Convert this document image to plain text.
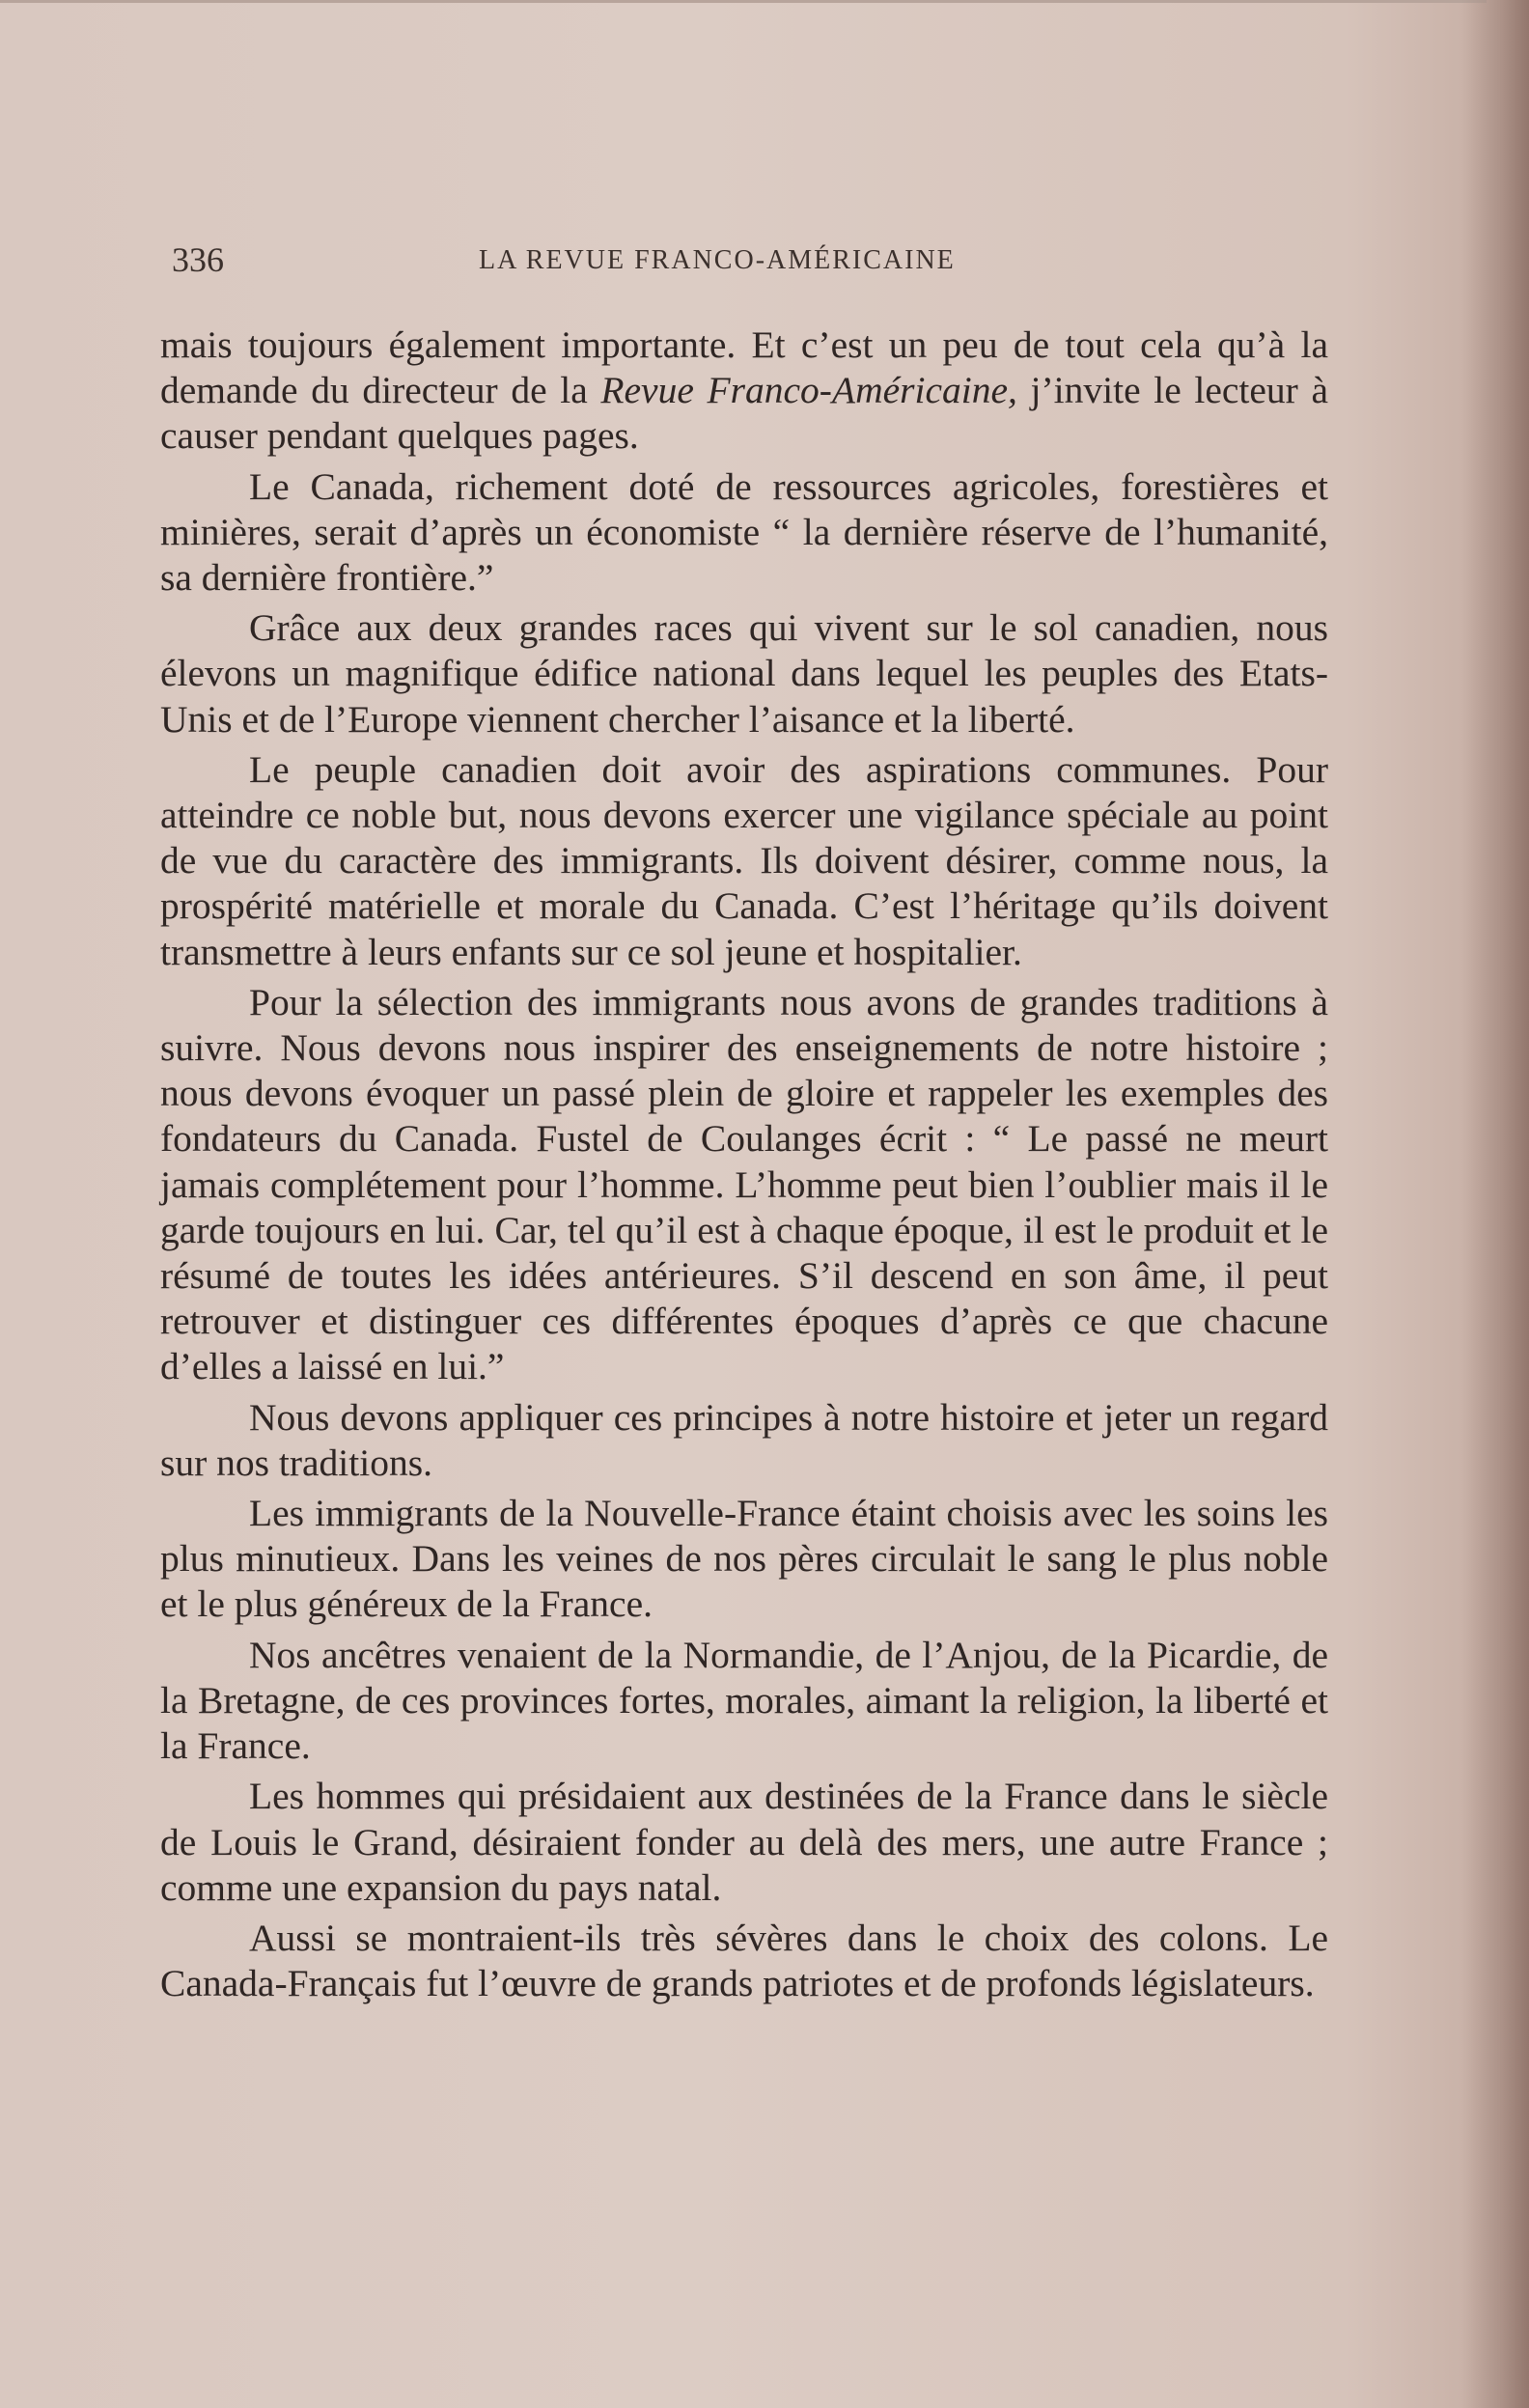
336	LA REVUE FRANCO-AMÉRICAINE

mais toujours également importante. Et c’est un peu de tout cela qu’à la demande du directeur de la Revue Franco-Américaine, j’invite le lecteur à causer pendant quelques pages.

Le Canada, richement doté de ressources agricoles, forestières et minières, serait d’après un économiste “ la dernière réserve de l’humanité, sa dernière frontière.”

Grâce aux deux grandes races qui vivent sur le sol canadien, nous élevons un magnifique édifice national dans lequel les peuples des Etats-Unis et de l’Europe viennent chercher l’aisance et la liberté.

Le peuple canadien doit avoir des aspirations communes. Pour atteindre ce noble but, nous devons exercer une vigilance spéciale au point de vue du caractère des immigrants. Ils doivent désirer, comme nous, la prospérité matérielle et morale du Canada. C’est l’héritage qu’ils doivent transmettre à leurs enfants sur ce sol jeune et hospitalier.

Pour la sélection des immigrants nous avons de grandes traditions à suivre. Nous devons nous inspirer des enseignements de notre histoire ; nous devons évoquer un passé plein de gloire et rappeler les exemples des fondateurs du Canada. Fustel de Coulanges écrit : “ Le passé ne meurt jamais complétement pour l’homme. L’homme peut bien l’oublier mais il le garde toujours en lui. Car, tel qu’il est à chaque époque, il est le produit et le résumé de toutes les idées antérieures. S’il descend en son âme, il peut retrouver et distinguer ces différentes époques d’après ce que chacune d’elles a laissé en lui.”

Nous devons appliquer ces principes à notre histoire et jeter un regard sur nos traditions.

Les immigrants de la Nouvelle-France étaint choisis avec les soins les plus minutieux. Dans les veines de nos pères circulait le sang le plus noble et le plus généreux de la France.

Nos ancêtres venaient de la Normandie, de l’Anjou, de la Picardie, de la Bretagne, de ces provinces fortes, morales, aimant la religion, la liberté et la France.

Les hommes qui présidaient aux destinées de la France dans le siècle de Louis le Grand, désiraient fonder au delà des mers, une autre France ; comme une expansion du pays natal.

Aussi se montraient-ils très sévères dans le choix des colons. Le Canada-Français fut l’œuvre de grands patriotes et de profonds législateurs.
